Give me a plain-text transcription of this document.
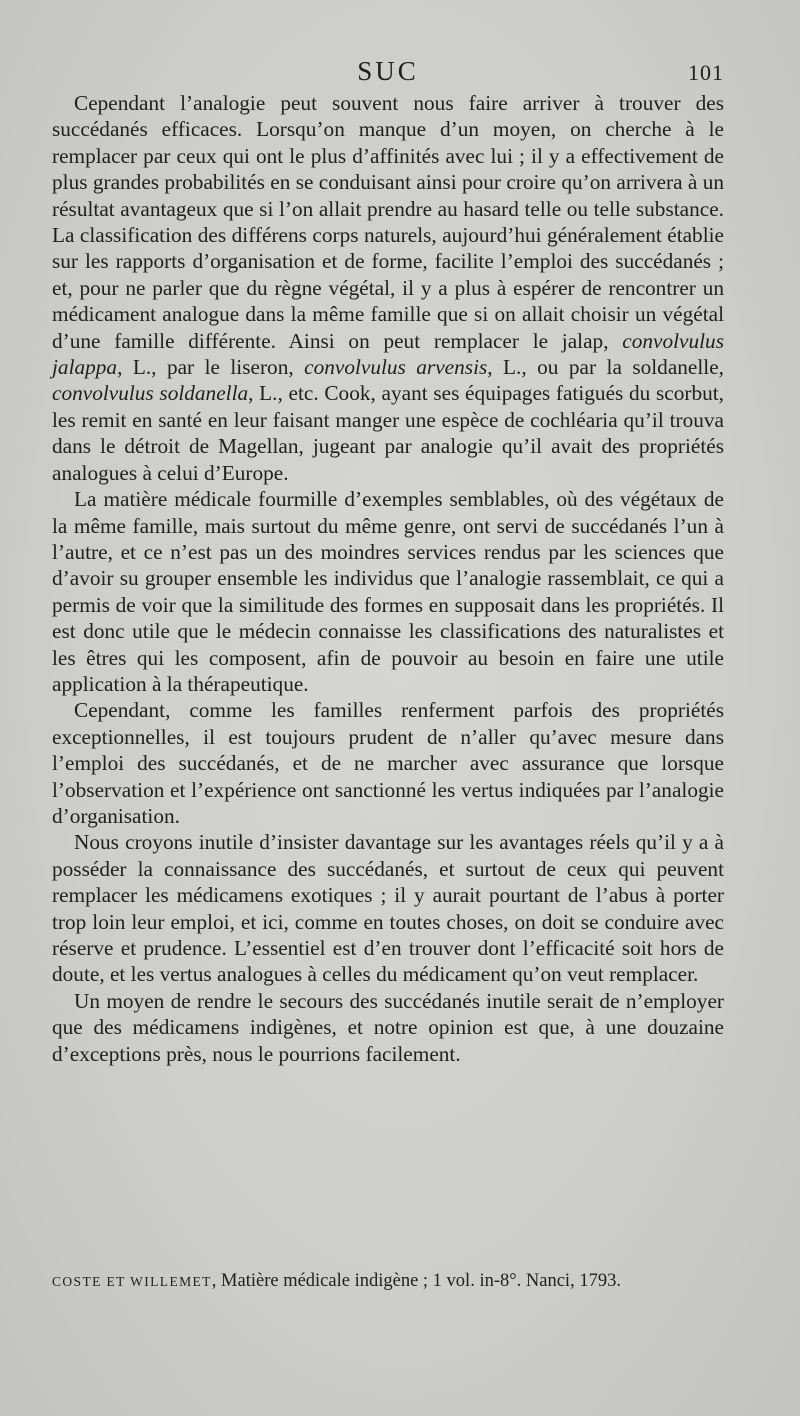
SUC	101

Cependant l’analogie peut souvent nous faire arriver à trouver des succédanés efficaces. Lorsqu’on manque d’un moyen, on cherche à le remplacer par ceux qui ont le plus d’affinités avec lui ; il y a effectivement de plus grandes probabilités en se conduisant ainsi pour croire qu’on arrivera à un résultat avantageux que si l’on allait prendre au hasard telle ou telle substance. La classification des différens corps naturels, aujourd’hui généralement établie sur les rapports d’organisation et de forme, facilite l’emploi des succédanés ; et, pour ne parler que du règne végétal, il y a plus à espérer de rencontrer un médicament analogue dans la même famille que si on allait choisir un végétal d’une famille différente. Ainsi on peut remplacer le jalap, convolvulus jalappa, L., par le liseron, convolvulus arvensis, L., ou par la soldanelle, convolvulus soldanella, L., etc. Cook, ayant ses équipages fatigués du scorbut, les remit en santé en leur faisant manger une espèce de cochléaria qu’il trouva dans le détroit de Magellan, jugeant par analogie qu’il avait des propriétés analogues à celui d’Europe.

La matière médicale fourmille d’exemples semblables, où des végétaux de la même famille, mais surtout du même genre, ont servi de succédanés l’un à l’autre, et ce n’est pas un des moindres services rendus par les sciences que d’avoir su grouper ensemble les individus que l’analogie rassemblait, ce qui a permis de voir que la similitude des formes en supposait dans les propriétés. Il est donc utile que le médecin connaisse les classifications des naturalistes et les êtres qui les composent, afin de pouvoir au besoin en faire une utile application à la thérapeutique.

Cependant, comme les familles renferment parfois des propriétés exceptionnelles, il est toujours prudent de n’aller qu’avec mesure dans l’emploi des succédanés, et de ne marcher avec assurance que lorsque l’observation et l’expérience ont sanctionné les vertus indiquées par l’analogie d’organisation.

Nous croyons inutile d’insister davantage sur les avantages réels qu’il y a à posséder la connaissance des succédanés, et surtout de ceux qui peuvent remplacer les médicamens exotiques ; il y aurait pourtant de l’abus à porter trop loin leur emploi, et ici, comme en toutes choses, on doit se conduire avec réserve et prudence. L’essentiel est d’en trouver dont l’efficacité soit hors de doute, et les vertus analogues à celles du médicament qu’on veut remplacer.

Un moyen de rendre le secours des succédanés inutile serait de n’employer que des médicamens indigènes, et notre opinion est que, à une douzaine d’exceptions près, nous le pourrions facilement.

COSTE ET WILLEMET, Matière médicale indigène ; 1 vol. in-8°. Nanci, 1793.
